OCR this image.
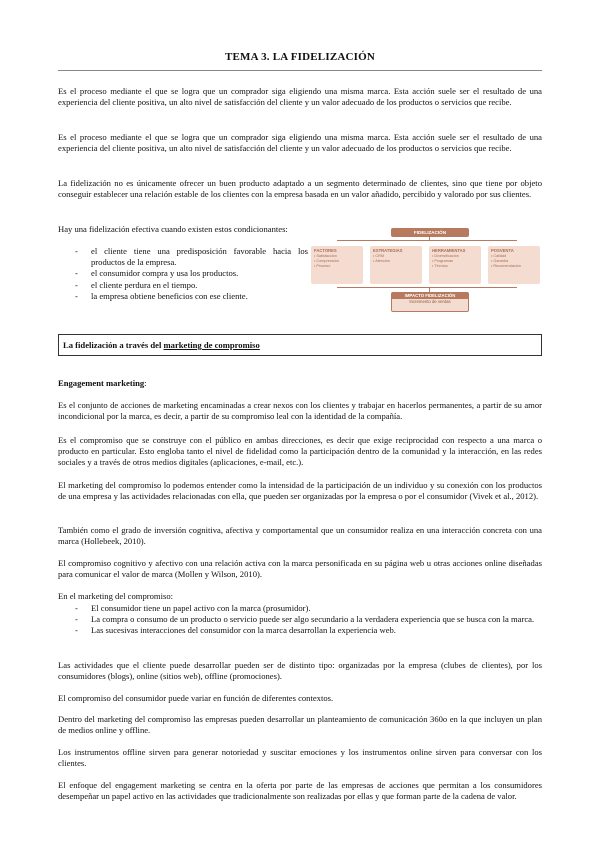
TEMA 3. LA FIDELIZACIÓN

Es el proceso mediante el que se logra que un comprador siga eligiendo una misma marca. Esta acción suele ser el resultado de una experiencia del cliente positiva, un alto nivel de satisfacción del cliente y un valor adecuado de los productos o servicios que recibe.

Es el proceso mediante el que se logra que un comprador siga eligiendo una misma marca. Esta acción suele ser el resultado de una experiencia del cliente positiva, un alto nivel de satisfacción del cliente y un valor adecuado de los productos o servicios que recibe.

La fidelización no es únicamente ofrecer un buen producto adaptado a un segmento determinado de clientes, sino que tiene por objeto conseguir establecer una relación estable de los clientes con la empresa basada en un valor añadido, percibido y valorado por sus clientes.

Hay una fidelización efectiva cuando existen estos condicionantes:

- el cliente tiene una predisposición favorable hacia los productos de la empresa.
- el consumidor compra y usa los productos.
- el cliente perdura en el tiempo.
- la empresa obtiene beneficios con ese cliente.
FIDELIZACIÓN
FACTORES
• Satisfacción
• Comprensión
• Proceso
ESTRATEGIAS
• CRM
• Atención
HERRAMIENTAS
• Diversificación
• Programas
• Técnica
POSVENTA
• Calidad
• Garantía
• Recomendación
IMPACTO FIDELIZACIÓN
Incremento de ventas
La fidelización a través del marketing de compromiso
Engagement marketing:

Es el conjunto de acciones de marketing encaminadas a crear nexos con los clientes y trabajar en hacerlos permanentes, a partir de su amor incondicional por la marca, es decir, a partir de su compromiso leal con la identidad de la compañía.

Es el compromiso que se construye con el público en ambas direcciones, es decir que exige reciprocidad con respecto a una marca o producto en particular. Esto engloba tanto el nivel de fidelidad como la participación dentro de la comunidad y la interacción, en las redes sociales y a través de otros medios digitales (aplicaciones, e-mail, etc.).

El marketing del compromiso lo podemos entender como la intensidad de la participación de un individuo y su conexión con los productos de una empresa y las actividades relacionadas con ella, que pueden ser organizadas por la empresa o por el consumidor (Vivek et al., 2012).

También como el grado de inversión cognitiva, afectiva y comportamental que un consumidor realiza en una interacción concreta con una marca (Hollebeek, 2010).

El compromiso cognitivo y afectivo con una relación activa con la marca personificada en su página web u otras acciones online diseñadas para comunicar el valor de marca (Mollen y Wilson, 2010).

En el marketing del compromiso:

- El consumidor tiene un papel activo con la marca (prosumidor).
- La compra o consumo de un producto o servicio puede ser algo secundario a la verdadera experiencia que se busca con la marca.
- Las sucesivas interacciones del consumidor con la marca desarrollan la experiencia web.

Las actividades que el cliente puede desarrollar pueden ser de distinto tipo: organizadas por la empresa (clubes de clientes), por los consumidores (blogs), online (sitios web), offline (promociones).

El compromiso del consumidor puede variar en función de diferentes contextos.

Dentro del marketing del compromiso las empresas pueden desarrollar un planteamiento de comunicación 360o en la que incluyen un plan de medios online y offline.

Los instrumentos offline sirven para generar notoriedad y suscitar emociones y los instrumentos online sirven para conversar con los clientes.

El enfoque del engagement marketing se centra en la oferta por parte de las empresas de acciones que permitan a los consumidores desempeñar un papel activo en las actividades que tradicionalmente son realizadas por ellas y que forman parte de la cadena de valor.
